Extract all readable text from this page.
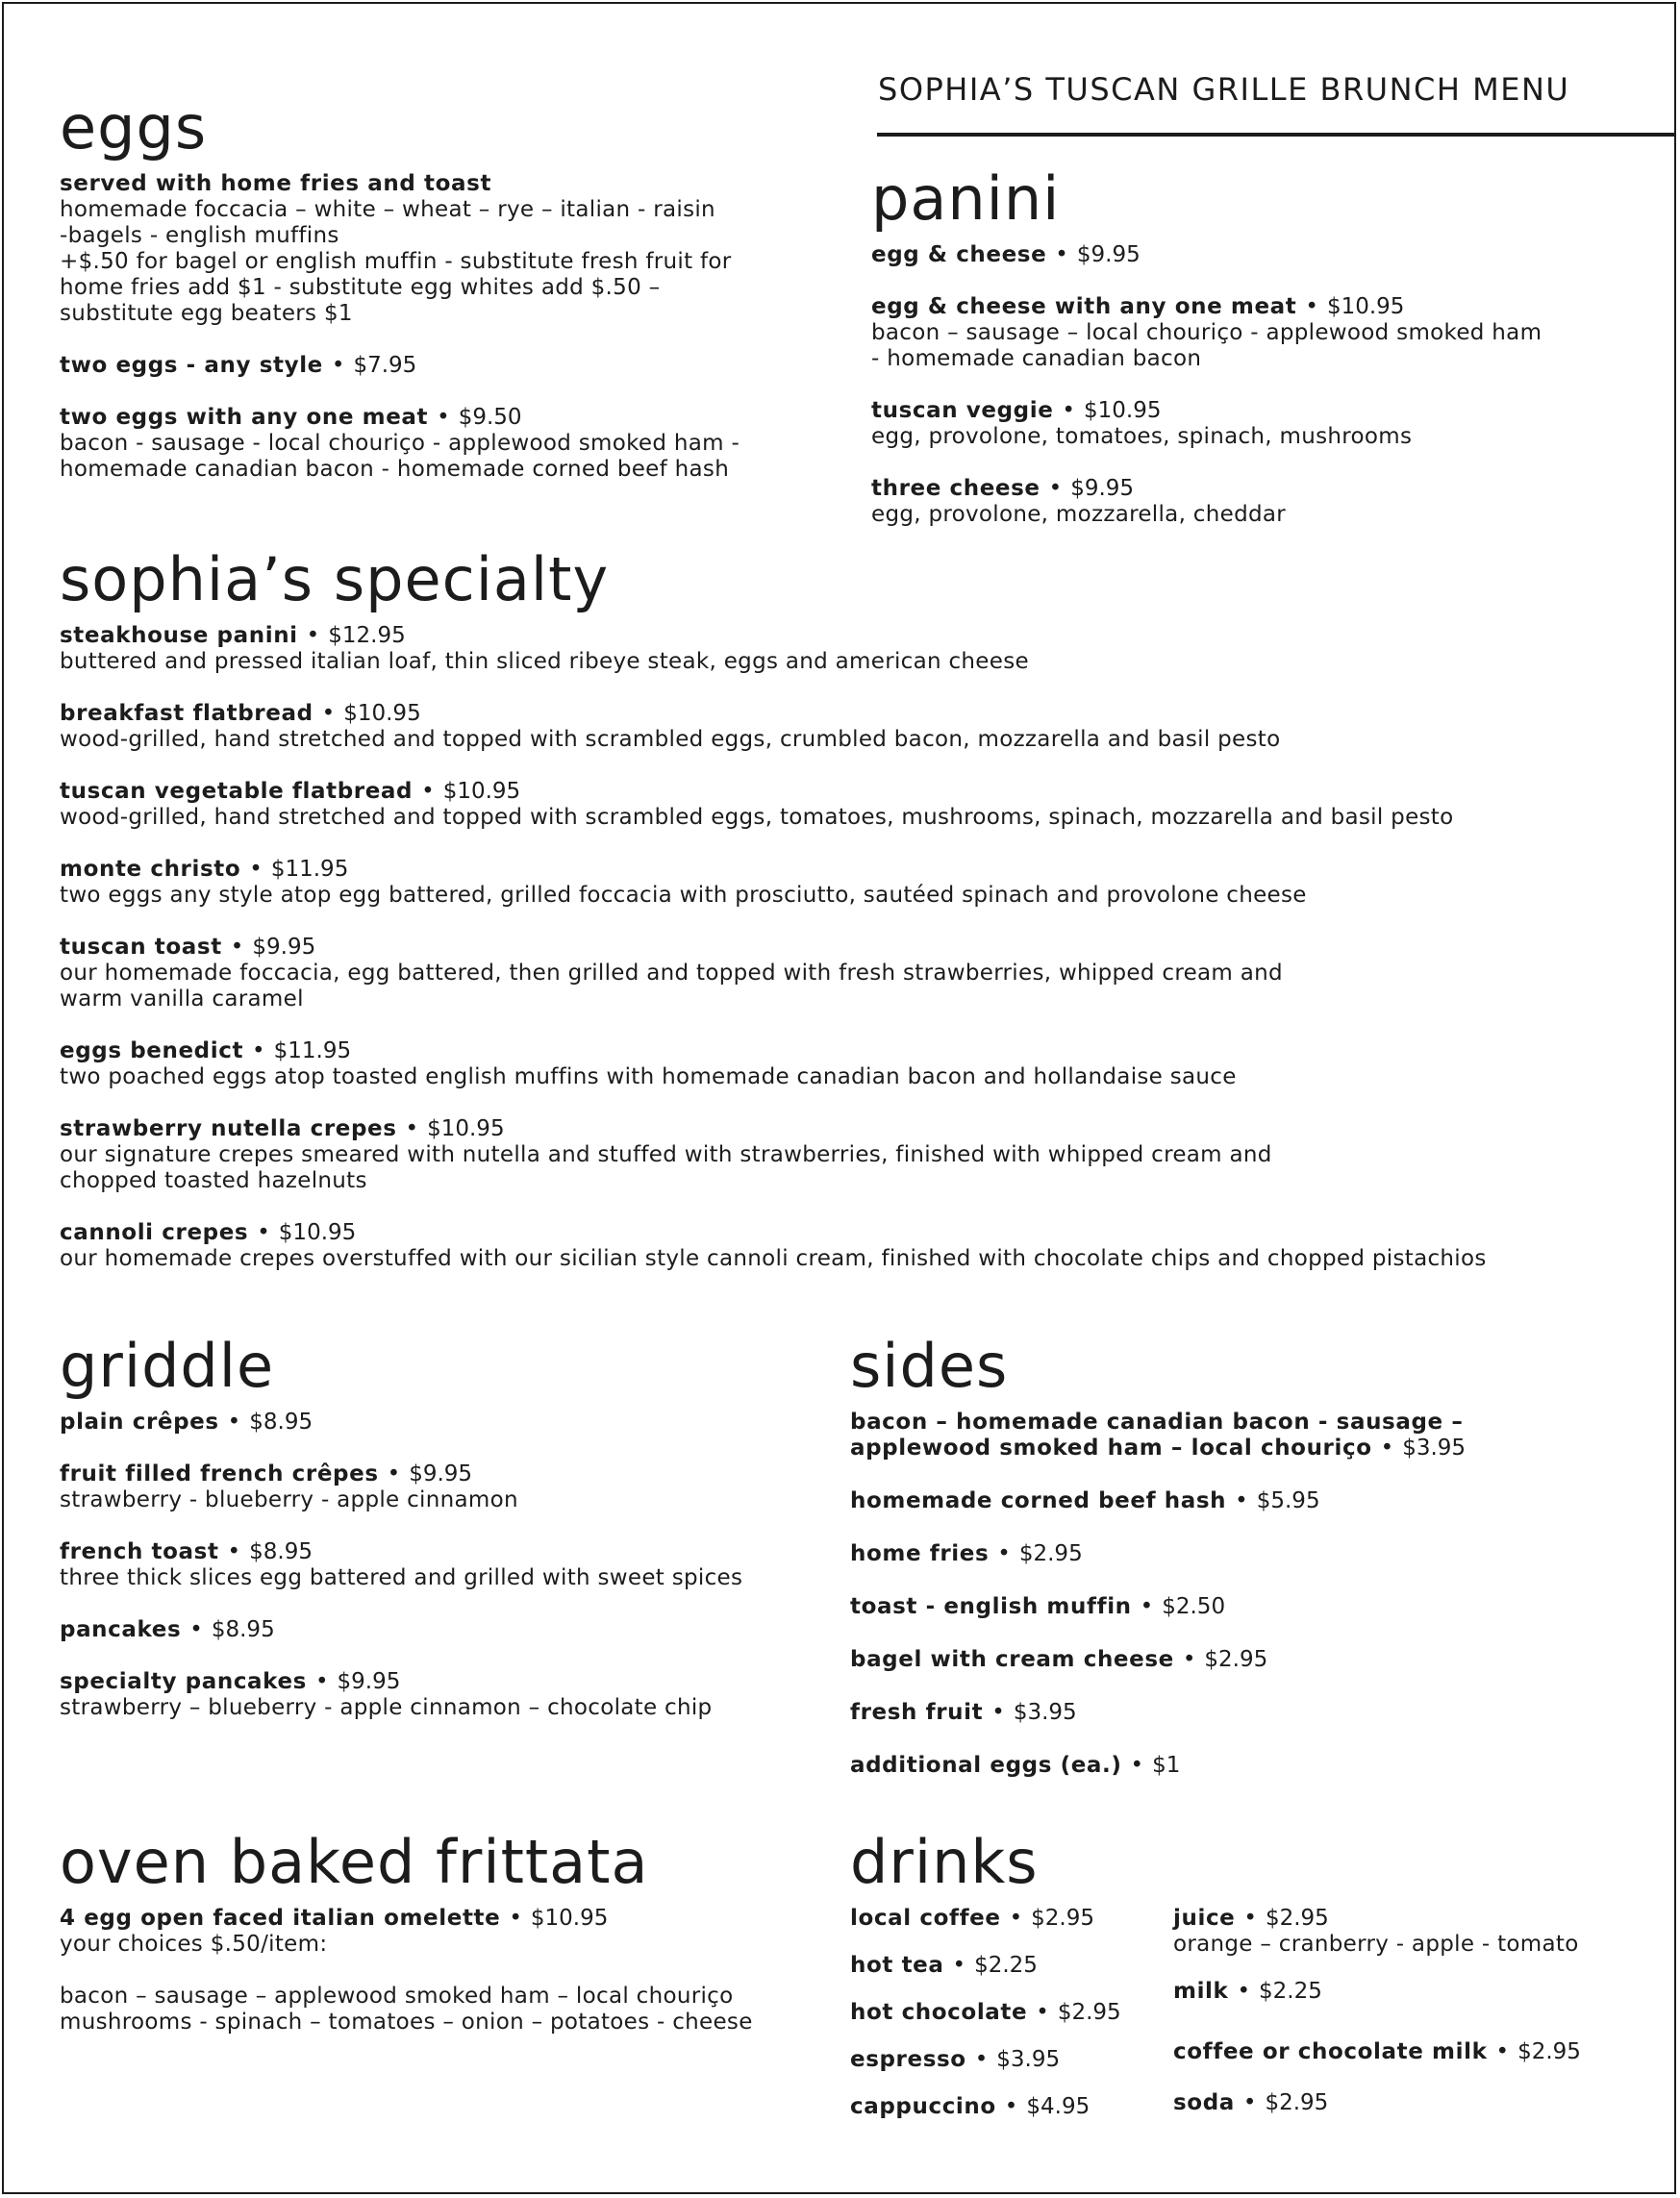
SOPHIA’S TUSCAN GRILLE BRUNCH MENU
eggs
served with home fries and toast
homemade foccacia – white – wheat – rye – italian - raisin
-bagels - english muffins
+$.50 for bagel or english muffin - substitute fresh fruit for
home fries add $1 - substitute egg whites add $.50 –
substitute egg beaters $1
two eggs - any style • $7.95
two eggs with any one meat • $9.50
bacon - sausage - local chouriço - applewood smoked ham -
homemade canadian bacon - homemade corned beef hash
panini
egg & cheese • $9.95
egg & cheese with any one meat • $10.95
bacon – sausage – local chouriço - applewood smoked ham
- homemade canadian bacon
tuscan veggie • $10.95
egg, provolone, tomatoes, spinach, mushrooms
three cheese • $9.95
egg, provolone, mozzarella, cheddar
sophia’s specialty
steakhouse panini • $12.95
buttered and pressed italian loaf, thin sliced ribeye steak, eggs and american cheese
breakfast flatbread • $10.95
wood-grilled, hand stretched and topped with scrambled eggs, crumbled bacon, mozzarella and basil pesto
tuscan vegetable flatbread • $10.95
wood-grilled, hand stretched and topped with scrambled eggs, tomatoes, mushrooms, spinach, mozzarella and basil pesto
monte christo • $11.95
two eggs any style atop egg battered, grilled foccacia with prosciutto, sautéed spinach and provolone cheese
tuscan toast • $9.95
our homemade foccacia, egg battered, then grilled and topped with fresh strawberries, whipped cream and
warm vanilla caramel
eggs benedict • $11.95
two poached eggs atop toasted english muffins with homemade canadian bacon and hollandaise sauce
strawberry nutella crepes • $10.95
our signature crepes smeared with nutella and stuffed with strawberries, finished with whipped cream and
chopped toasted hazelnuts
cannoli crepes • $10.95
our homemade crepes overstuffed with our sicilian style cannoli cream, finished with chocolate chips and chopped pistachios
griddle
plain crêpes • $8.95
fruit filled french crêpes • $9.95
strawberry - blueberry - apple cinnamon
french toast • $8.95
three thick slices egg battered and grilled with sweet spices
pancakes • $8.95
specialty pancakes • $9.95
strawberry – blueberry - apple cinnamon – chocolate chip
sides
bacon – homemade canadian bacon - sausage –
applewood smoked ham – local chouriço • $3.95
homemade corned beef hash • $5.95
home fries • $2.95
toast - english muffin • $2.50
bagel with cream cheese • $2.95
fresh fruit • $3.95
additional eggs (ea.) • $1
oven baked frittata
4 egg open faced italian omelette • $10.95
your choices $.50/item:
bacon – sausage – applewood smoked ham – local chouriço
mushrooms - spinach – tomatoes – onion – potatoes - cheese
drinks
local coffee • $2.95
hot tea • $2.25
hot chocolate • $2.95
espresso • $3.95
cappuccino • $4.95
juice • $2.95
orange – cranberry - apple - tomato
milk • $2.25
coffee or chocolate milk • $2.95
soda • $2.95
